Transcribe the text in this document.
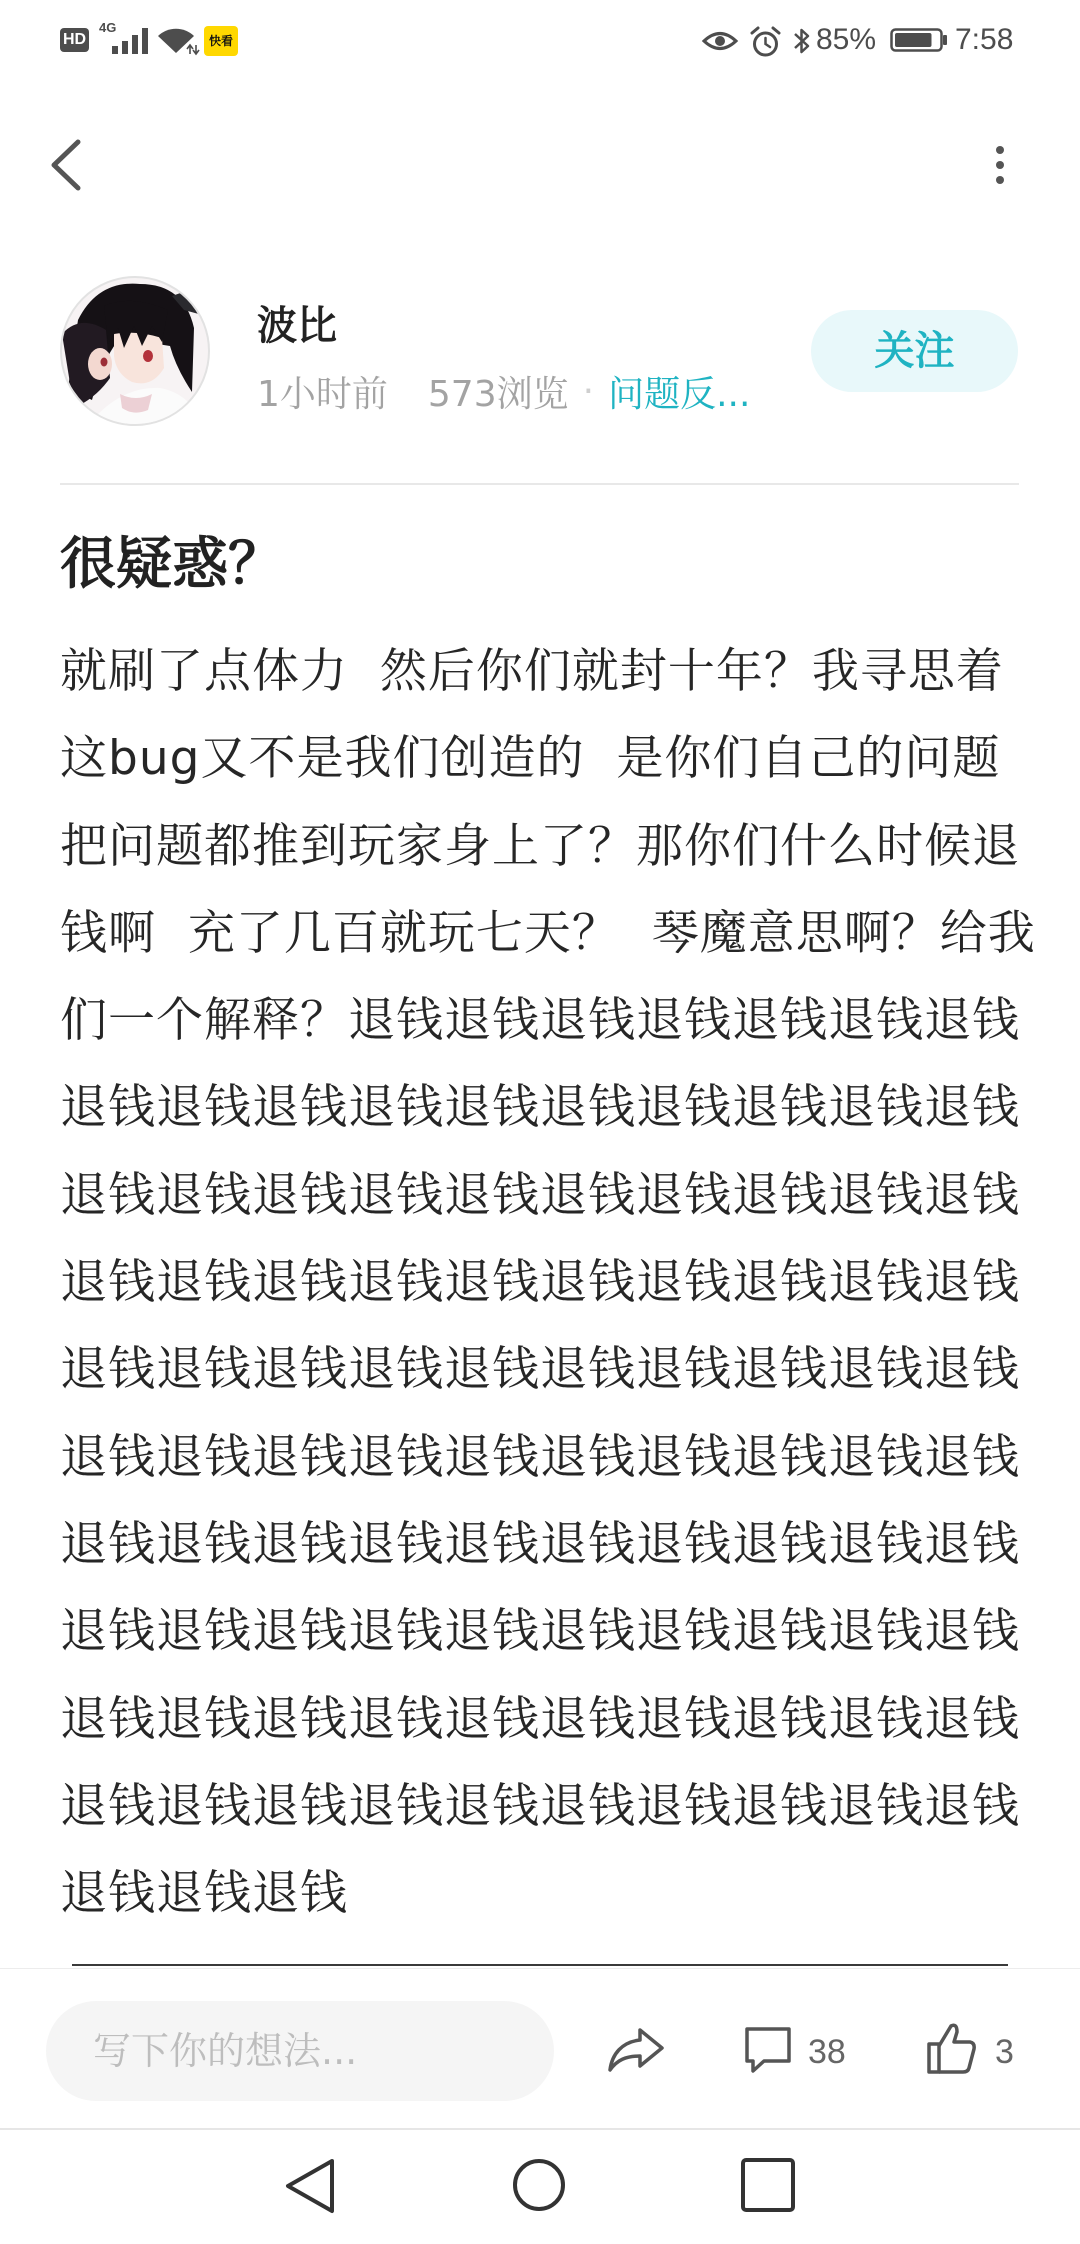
HD
4G
快看	85%	7:58
波比
1小时前 573浏览 · 问题反...
关注
很疑惑？
就刷了点体力  然后你们就封十年？我寻思着
这bug又不是我们创造的  是你们自己的问题
把问题都推到玩家身上了？那你们什么时候退
钱啊  充了几百就玩七天？  琴魔意思啊？给我
们一个解释？退钱退钱退钱退钱退钱退钱退钱
退钱退钱退钱退钱退钱退钱退钱退钱退钱退钱
退钱退钱退钱退钱退钱退钱退钱退钱退钱退钱
退钱退钱退钱退钱退钱退钱退钱退钱退钱退钱
退钱退钱退钱退钱退钱退钱退钱退钱退钱退钱
退钱退钱退钱退钱退钱退钱退钱退钱退钱退钱
退钱退钱退钱退钱退钱退钱退钱退钱退钱退钱
退钱退钱退钱退钱退钱退钱退钱退钱退钱退钱
退钱退钱退钱退钱退钱退钱退钱退钱退钱退钱
退钱退钱退钱退钱退钱退钱退钱退钱退钱退钱
退钱退钱退钱
写下你的想法...
38	3
